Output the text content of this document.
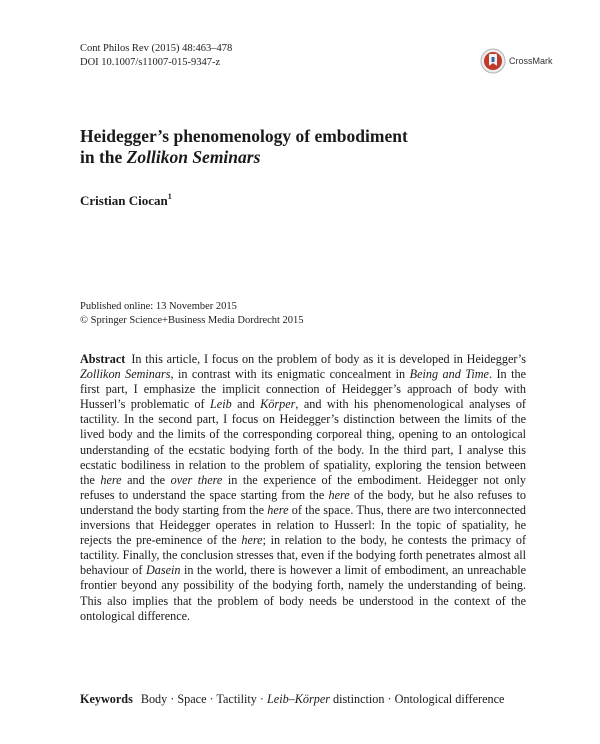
Cont Philos Rev (2015) 48:463–478
DOI 10.1007/s11007-015-9347-z	CrossMark
Heidegger’s phenomenology of embodiment
in the Zollikon Seminars
Cristian Ciocan$^1$
Published online: 13 November 2015
© Springer Science+Business Media Dordrecht 2015

Abstract In this article, I focus on the problem of body as it is developed in Heidegger’s Zollikon Seminars, in contrast with its enigmatic concealment in Being and Time. In the first part, I emphasize the implicit connection of Heidegger’s approach of body with Husserl’s problematic of Leib and Körper, and with his phenomenological analyses of tactility. In the second part, I focus on Heidegger’s distinction between the limits of the lived body and the limits of the corresponding corporeal thing, opening to an ontological understanding of the ecstatic bodying forth of the body. In the third part, I analyse this ecstatic bodiliness in relation to the problem of spatiality, exploring the tension between the here and the over there in the experience of the embodiment. Heidegger not only refuses to understand the space starting from the here of the body, but he also refuses to understand the body starting from the here of the space. Thus, there are two interconnected inversions that Heidegger operates in relation to Husserl: In the topic of spatiality, he rejects the pre-eminence of the here; in relation to the body, he contests the primacy of tactility. Finally, the conclusion stresses that, even if the bodying forth penetrates almost all behaviour of Dasein in the world, there is however a limit of embodiment, an unreachable frontier beyond any possibility of the bodying forth, namely the understanding of being. This also implies that the problem of body needs be understood in the context of the ontological difference.

Keywords Body · Space · Tactility · Leib–Körper distinction · Ontological difference
